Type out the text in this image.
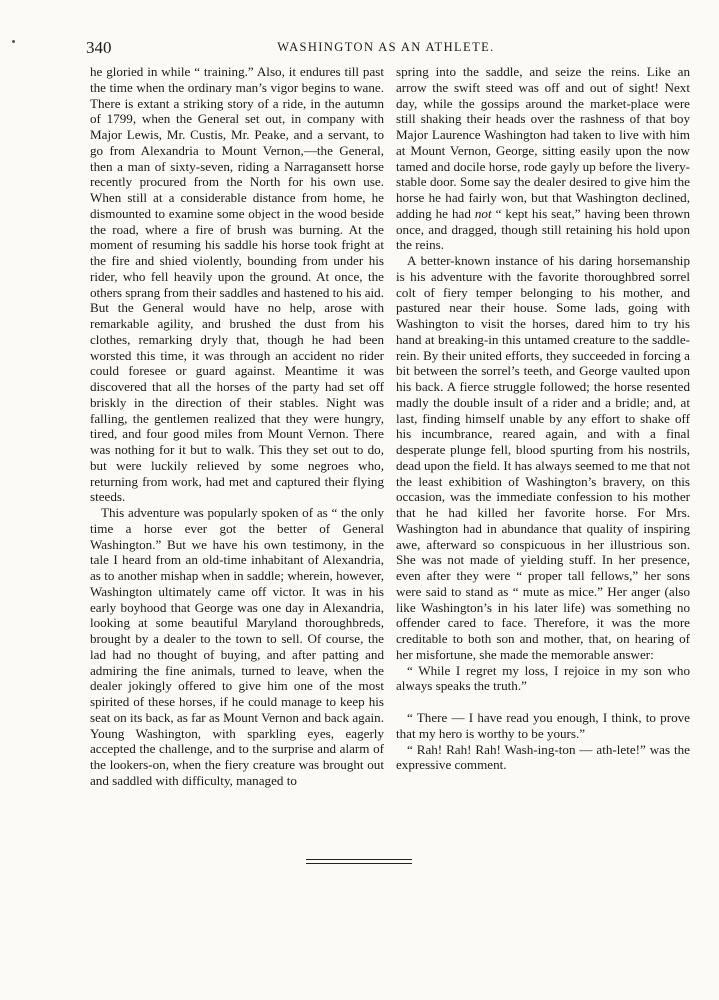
340	WASHINGTON AS AN ATHLETE.

he gloried in while “ training.” Also, it endures till past the time when the ordinary man’s vigor begins to wane. There is extant a striking story of a ride, in the autumn of 1799, when the General set out, in company with Major Lewis, Mr. Custis, Mr. Peake, and a servant, to go from Alexandria to Mount Vernon,—the General, then a man of sixty-seven, riding a Narragansett horse recently procured from the North for his own use. When still at a considerable distance from home, he dismounted to examine some object in the wood beside the road, where a fire of brush was burning. At the moment of resuming his saddle his horse took fright at the fire and shied violently, bounding from under his rider, who fell heavily upon the ground. At once, the others sprang from their saddles and hastened to his aid. But the General would have no help, arose with remarkable agility, and brushed the dust from his clothes, remarking dryly that, though he had been worsted this time, it was through an accident no rider could foresee or guard against. Meantime it was discovered that all the horses of the party had set off briskly in the direction of their stables. Night was falling, the gentlemen realized that they were hungry, tired, and four good miles from Mount Vernon. There was nothing for it but to walk. This they set out to do, but were luckily relieved by some negroes who, returning from work, had met and captured their flying steeds.

This adventure was popularly spoken of as “ the only time a horse ever got the better of General Washington.” But we have his own testimony, in the tale I heard from an old-time inhabitant of Alexandria, as to another mishap when in saddle; wherein, however, Washington ultimately came off victor. It was in his early boyhood that George was one day in Alexandria, looking at some beautiful Maryland thoroughbreds, brought by a dealer to the town to sell. Of course, the lad had no thought of buying, and after patting and admiring the fine animals, turned to leave, when the dealer jokingly offered to give him one of the most spirited of these horses, if he could manage to keep his seat on its back, as far as Mount Vernon and back again. Young Washington, with sparkling eyes, eagerly accepted the challenge, and to the surprise and alarm of the lookers-on, when the fiery creature was brought out and saddled with difficulty, managed to

spring into the saddle, and seize the reins. Like an arrow the swift steed was off and out of sight! Next day, while the gossips around the market-place were still shaking their heads over the rashness of that boy Major Laurence Washington had taken to live with him at Mount Vernon, George, sitting easily upon the now tamed and docile horse, rode gayly up before the livery-stable door. Some say the dealer desired to give him the horse he had fairly won, but that Washington declined, adding he had not “ kept his seat,” having been thrown once, and dragged, though still retaining his hold upon the reins.

A better-known instance of his daring horsemanship is his adventure with the favorite thoroughbred sorrel colt of fiery temper belonging to his mother, and pastured near their house. Some lads, going with Washington to visit the horses, dared him to try his hand at breaking-in this untamed creature to the saddle-rein. By their united efforts, they succeeded in forcing a bit between the sorrel’s teeth, and George vaulted upon his back. A fierce struggle followed; the horse resented madly the double insult of a rider and a bridle; and, at last, finding himself unable by any effort to shake off his incumbrance, reared again, and with a final desperate plunge fell, blood spurting from his nostrils, dead upon the field. It has always seemed to me that not the least exhibition of Washington’s bravery, on this occasion, was the immediate confession to his mother that he had killed her favorite horse. For Mrs. Washington had in abundance that quality of inspiring awe, afterward so conspicuous in her illustrious son. She was not made of yielding stuff. In her presence, even after they were “ proper tall fellows,” her sons were said to stand as “ mute as mice.” Her anger (also like Washington’s in his later life) was something no offender cared to face. Therefore, it was the more creditable to both son and mother, that, on hearing of her misfortune, she made the memorable answer:

“ While I regret my loss, I rejoice in my son who always speaks the truth.”

“ There — I have read you enough, I think, to prove that my hero is worthy to be yours.”

“ Rah! Rah! Rah! Wash-ing-ton — ath-lete!” was the expressive comment.
